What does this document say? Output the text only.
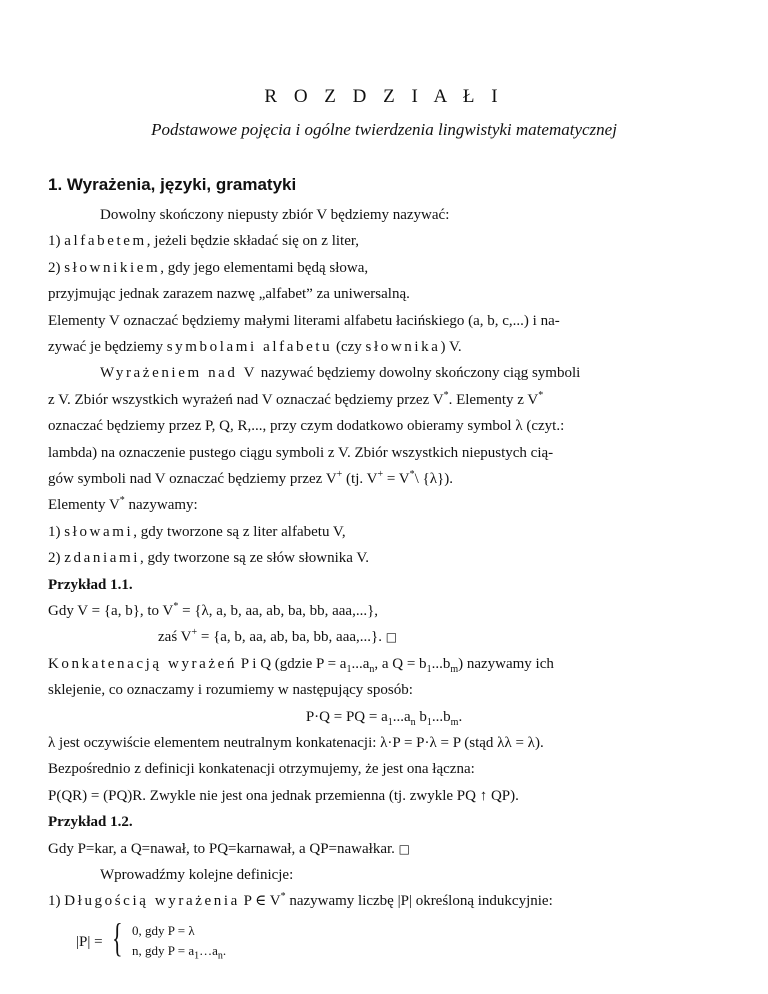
R O Z D Z I A Ł I
Podstawowe pojęcia i ogólne twierdzenia lingwistyki matematycznej
1. Wyrażenia, języki, gramatyki
Dowolny skończony niepusty zbiór V będziemy nazywać:
1) alfabetem, jeżeli będzie składać się on z liter,
2) słownikiem, gdy jego elementami będą słowa,
przyjmując jednak zarazem nazwę „alfabet” za uniwersalną.
Elementy V oznaczać będziemy małymi literami alfabetu łacińskiego (a, b, c,...) i na-
zywać je będziemy symbolami alfabetu (czy słownika) V.
Wyrażeniem nad V nazywać będziemy dowolny skończony ciąg symboli
z V. Zbiór wszystkich wyrażeń nad V oznaczać będziemy przez V*. Elementy z V*
oznaczać będziemy przez P, Q, R,..., przy czym dodatkowo obieramy symbol λ (czyt.:
lambda) na oznaczenie pustego ciągu symboli z V. Zbiór wszystkich niepustych cią-
gów symboli nad V oznaczać będziemy przez V+ (tj. V+ = V*\ {λ}).
Elementy V* nazywamy:
1) słowami, gdy tworzone są z liter alfabetu V,
2) zdaniami, gdy tworzone są ze słów słownika V.
Przykład 1.1.
Gdy V = {a, b}, to V* = {λ, a, b, aa, ab, ba, bb, aaa,...},
zaś V+ = {a, b, aa, ab, ba, bb, aaa,...}. □
Konkatenacją wyrażeń P i Q (gdzie $P = a_1...a_n$, a $Q = b_1...b_m$) nazywamy ich
sklejenie, co oznaczamy i rozumiemy w następujący sposób:
P·Q = PQ = $a_1...a_n$ $b_1...b_m$.
λ jest oczywiście elementem neutralnym konkatenacji: λ·P = P·λ = P (stąd λλ = λ).
Bezpośrednio z definicji konkatenacji otrzymujemy, że jest ona łączna:
P(QR) = (PQ)R. Zwykle nie jest ona jednak przemienna (tj. zwykle PQ ↑ QP).
Przykład 1.2.
Gdy P=kar, a Q=nawał, to PQ=karnawał, a QP=nawałkar. □
Wprowadźmy kolejne definicje:
1) Długością wyrażenia P ∈ V* nazywamy liczbę |P| określoną indukcyjnie:
|P| = { 0, gdy P = λ
n, gdy $P = a_1\dots a_n$.
